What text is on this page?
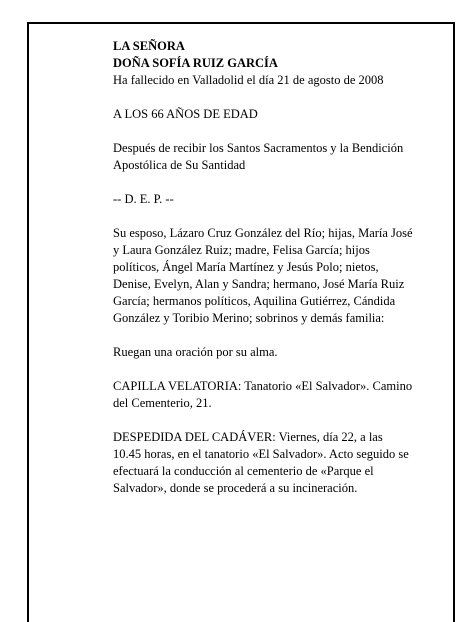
LA SEÑORA

DOÑA SOFÍA RUIZ GARCÍA

Ha fallecido en Valladolid el día 21 de agosto de 2008

A LOS 66 AÑOS DE EDAD

Después de recibir los Santos Sacramentos y la Bendición Apostólica de Su Santidad

-- D. E. P. --

Su esposo, Lázaro Cruz González del Río; hijas, María José y Laura González Ruiz; madre, Felisa García; hijos políticos, Ángel María Martínez y Jesús Polo; nietos, Denise, Evelyn, Alan y Sandra; hermano, José María Ruiz García; hermanos políticos, Aquilina Gutiérrez, Cándida González y Toribio Merino; sobrinos y demás familia:

Ruegan una oración por su alma.

CAPILLA VELATORIA: Tanatorio «El Salvador». Camino del Cementerio, 21.

DESPEDIDA DEL CADÁVER: Viernes, día 22, a las 10.45 horas, en el tanatorio «El Salvador». Acto seguido se efectuará la conducción al cementerio de «Parque el Salvador», donde se procederá a su incineración.
